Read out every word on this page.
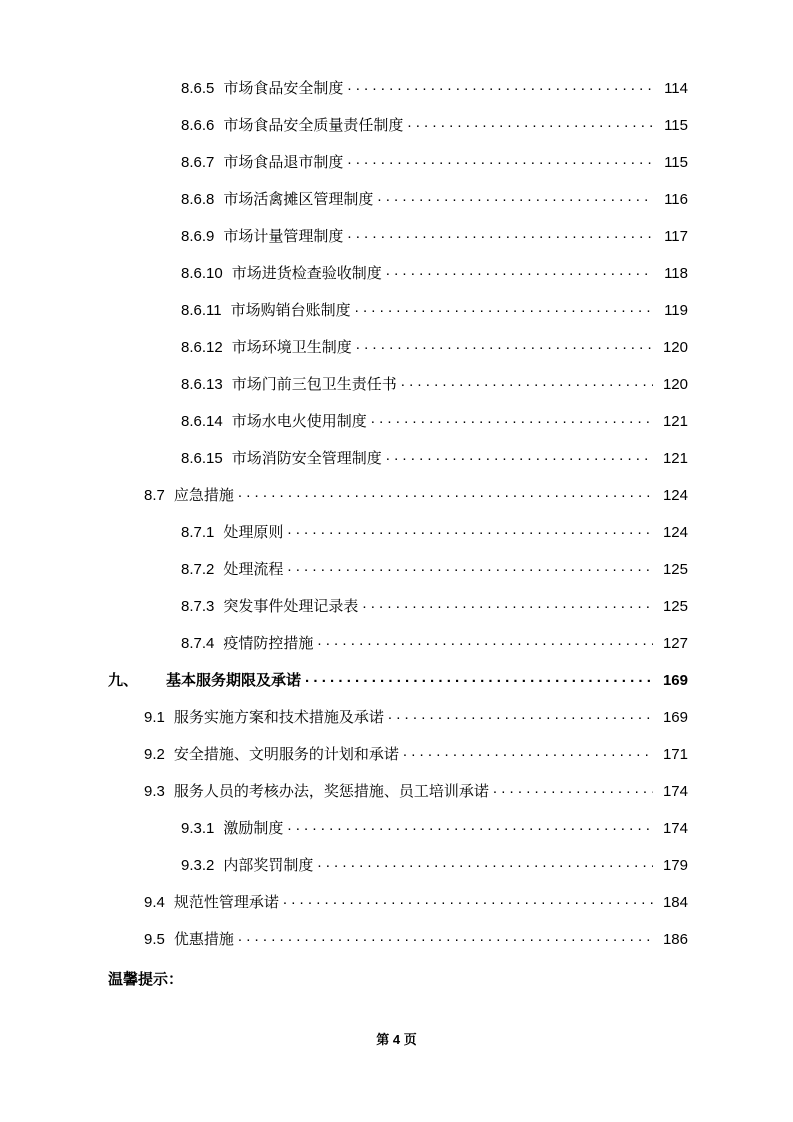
8.6.5 市场食品安全制度 . . .	114
8.6.6 市场食品安全质量责任制度 . . .	115
8.6.7 市场食品退市制度 . . .	115
8.6.8 市场活禽摊区管理制度 . . .	116
8.6.9 市场计量管理制度 . . .	117
8.6.10 市场进货检查验收制度 . . .	118
8.6.11 市场购销台账制度 . . .	119
8.6.12 市场环境卫生制度 . . .	120
8.6.13 市场门前三包卫生责任书 . . .	120
8.6.14 市场水电火使用制度 . . .	121
8.6.15 市场消防安全管理制度 . . .	121
8.7 应急措施 . . .	124
8.7.1 处理原则 . . .	124
8.7.2 处理流程 . . .	125
8.7.3 突发事件处理记录表 . . .	125
8.7.4 疫情防控措施 . . .	127
九、	基本服务期限及承诺 . . .	169
9.1 服务实施方案和技术措施及承诺 . . .	169
9.2 安全措施、文明服务的计划和承诺 . . .	171
9.3 服务人员的考核办法，奖惩措施、员工培训承诺 . . .	174
9.3.1 激励制度 . . .	174
9.3.2 内部奖罚制度 . . .	179
9.4 规范性管理承诺 . . .	184
9.5 优惠措施 . . .	186
温馨提示：
第 4 页
